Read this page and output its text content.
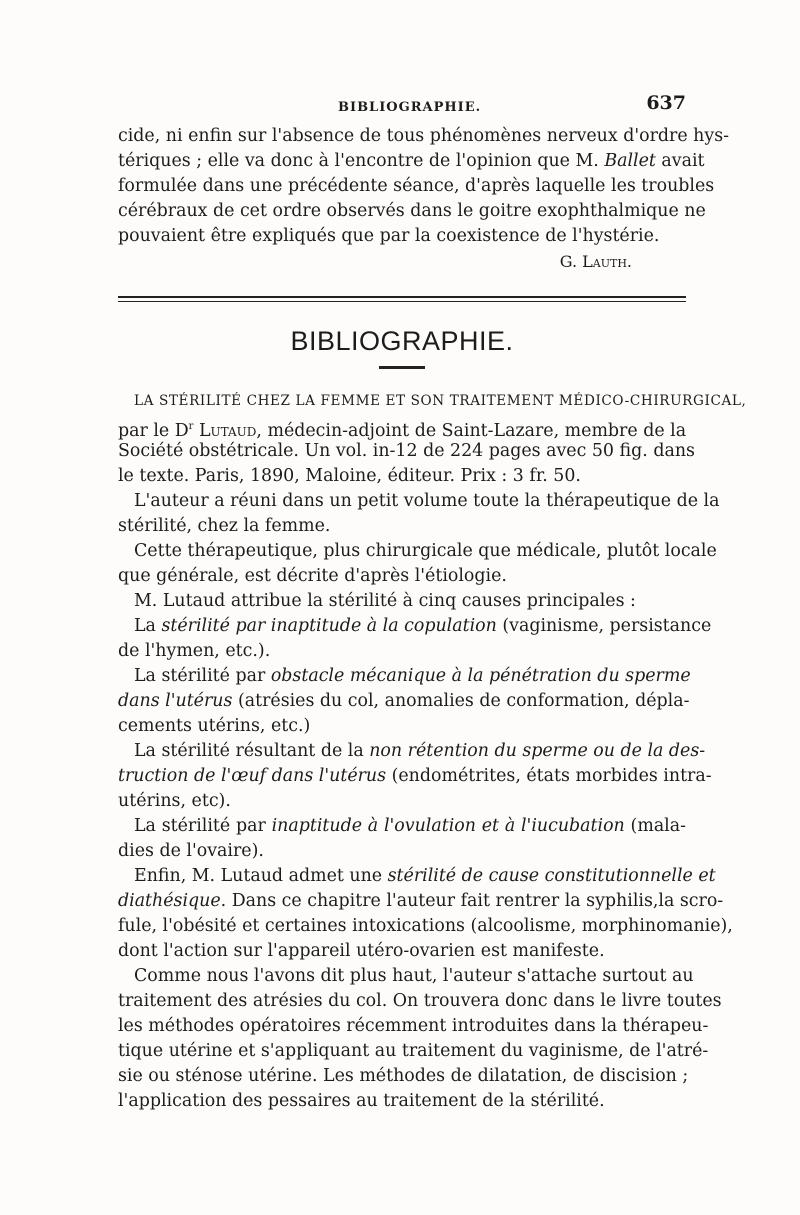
BIBLIOGRAPHIE.	637
cide, ni enfin sur l'absence de tous phénomènes nerveux d'ordre hys-
tériques ; elle va donc à l'encontre de l'opinion que M. Ballet avait
formulée dans une précédente séance, d'après laquelle les troubles
cérébraux de cet ordre observés dans le goitre exophthalmique ne
pouvaient être expliqués que par la coexistence de l'hystérie.
G. Lauth.
BIBLIOGRAPHIE.
LA STÉRILITÉ CHEZ LA FEMME ET SON TRAITEMENT MÉDICO-CHIRURGICAL,
par le $D^r$ Lutaud, médecin-adjoint de Saint-Lazare, membre de la
Société obstétricale. Un vol. in-12 de 224 pages avec 50 fig. dans
le texte. Paris, 1890, Maloine, éditeur. Prix : 3 fr. 50.
L'auteur a réuni dans un petit volume toute la thérapeutique de la
stérilité, chez la femme.
Cette thérapeutique, plus chirurgicale que médicale, plutôt locale
que générale, est décrite d'après l'étiologie.
M. Lutaud attribue la stérilité à cinq causes principales :
La stérilité par inaptitude à la copulation (vaginisme, persistance
de l'hymen, etc.).
La stérilité par obstacle mécanique à la pénétration du sperme
dans l'utérus (atrésies du col, anomalies de conformation, dépla-
cements utérins, etc.)
La stérilité résultant de la non rétention du sperme ou de la des-
truction de l'œuf dans l'utérus (endométrites, états morbides intra-
utérins, etc).
La stérilité par inaptitude à l'ovulation et à l'iucubation (mala-
dies de l'ovaire).
Enfin, M. Lutaud admet une stérilité de cause constitutionnelle et
diathésique. Dans ce chapitre l'auteur fait rentrer la syphilis,la scro-
fule, l'obésité et certaines intoxications (alcoolisme, morphinomanie),
dont l'action sur l'appareil utéro-ovarien est manifeste.
Comme nous l'avons dit plus haut, l'auteur s'attache surtout au
traitement des atrésies du col. On trouvera donc dans le livre toutes
les méthodes opératoires récemment introduites dans la thérapeu-
tique utérine et s'appliquant au traitement du vaginisme, de l'atré-
sie ou sténose utérine. Les méthodes de dilatation, de discision ;
l'application des pessaires au traitement de la stérilité.
